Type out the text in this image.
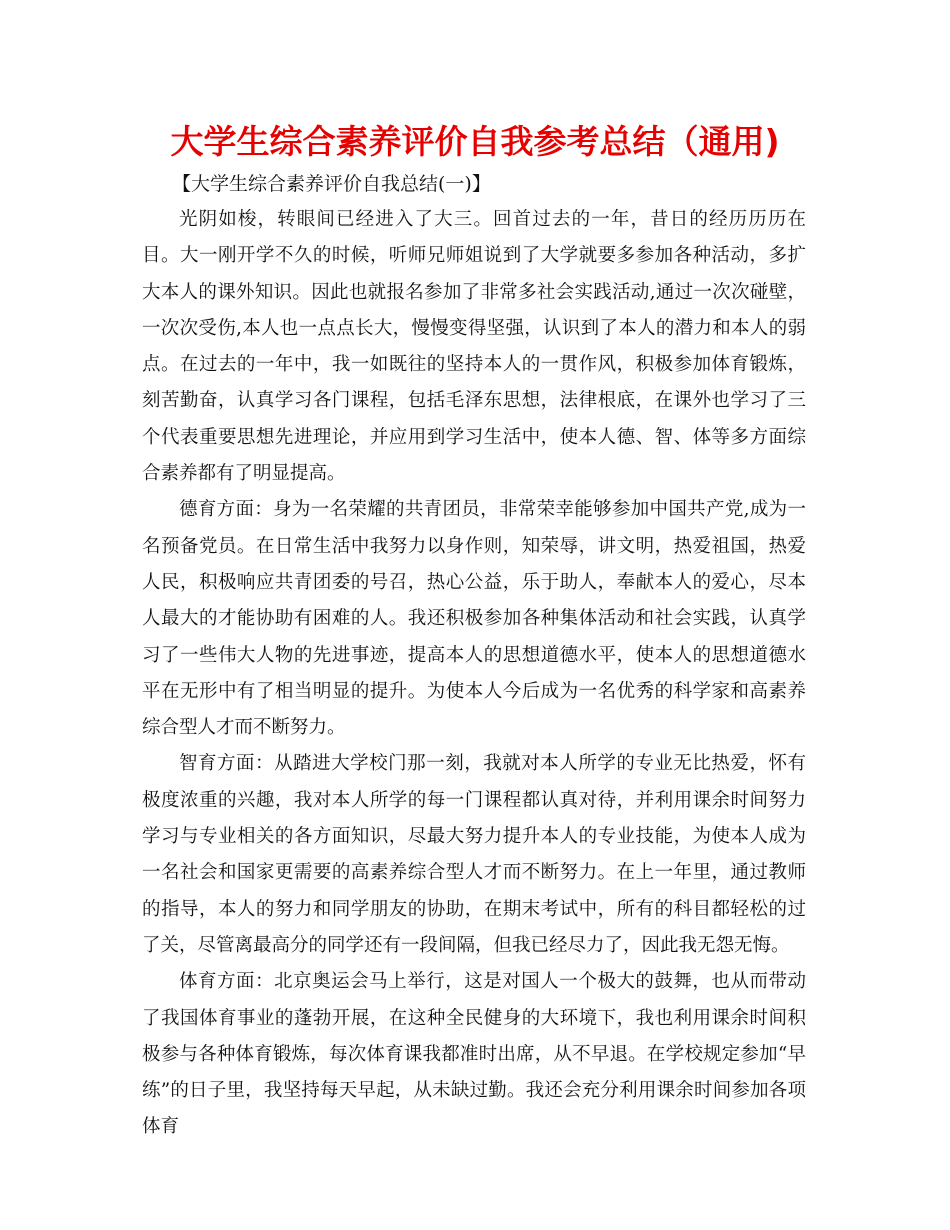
大学生综合素养评价自我参考总结（通用)

【大学生综合素养评价自我总结(一)】

光阴如梭，转眼间已经进入了大三。回首过去的一年，昔日的经历历历在目。大一刚开学不久的时候，听师兄师姐说到了大学就要多参加各种活动，多扩大本人的课外知识。因此也就报名参加了非常多社会实践活动,通过一次次碰壁，一次次受伤,本人也一点点长大，慢慢变得坚强，认识到了本人的潜力和本人的弱点。在过去的一年中，我一如既往的坚持本人的一贯作风，积极参加体育锻炼，刻苦勤奋，认真学习各门课程，包括毛泽东思想，法律根底，在课外也学习了三个代表重要思想先进理论，并应用到学习生活中，使本人德、智、体等多方面综合素养都有了明显提高。

德育方面：身为一名荣耀的共青团员，非常荣幸能够参加中国共产党,成为一名预备党员。在日常生活中我努力以身作则，知荣辱，讲文明，热爱祖国，热爱人民，积极响应共青团委的号召，热心公益，乐于助人，奉献本人的爱心，尽本人最大的才能协助有困难的人。我还积极参加各种集体活动和社会实践，认真学习了一些伟大人物的先进事迹，提高本人的思想道德水平，使本人的思想道德水平在无形中有了相当明显的提升。为使本人今后成为一名优秀的科学家和高素养综合型人才而不断努力。

智育方面：从踏进大学校门那一刻，我就对本人所学的专业无比热爱，怀有极度浓重的兴趣，我对本人所学的每一门课程都认真对待，并利用课余时间努力学习与专业相关的各方面知识，尽最大努力提升本人的专业技能，为使本人成为一名社会和国家更需要的高素养综合型人才而不断努力。在上一年里，通过教师的指导，本人的努力和同学朋友的协助，在期末考试中，所有的科目都轻松的过了关，尽管离最高分的同学还有一段间隔，但我已经尽力了，因此我无怨无悔。

体育方面：北京奥运会马上举行，这是对国人一个极大的鼓舞，也从而带动了我国体育事业的蓬勃开展，在这种全民健身的大环境下，我也利用课余时间积极参与各种体育锻炼，每次体育课我都准时出席，从不早退。在学校规定参加“早练”的日子里，我坚持每天早起，从未缺过勤。我还会充分利用课余时间参加各项体育
